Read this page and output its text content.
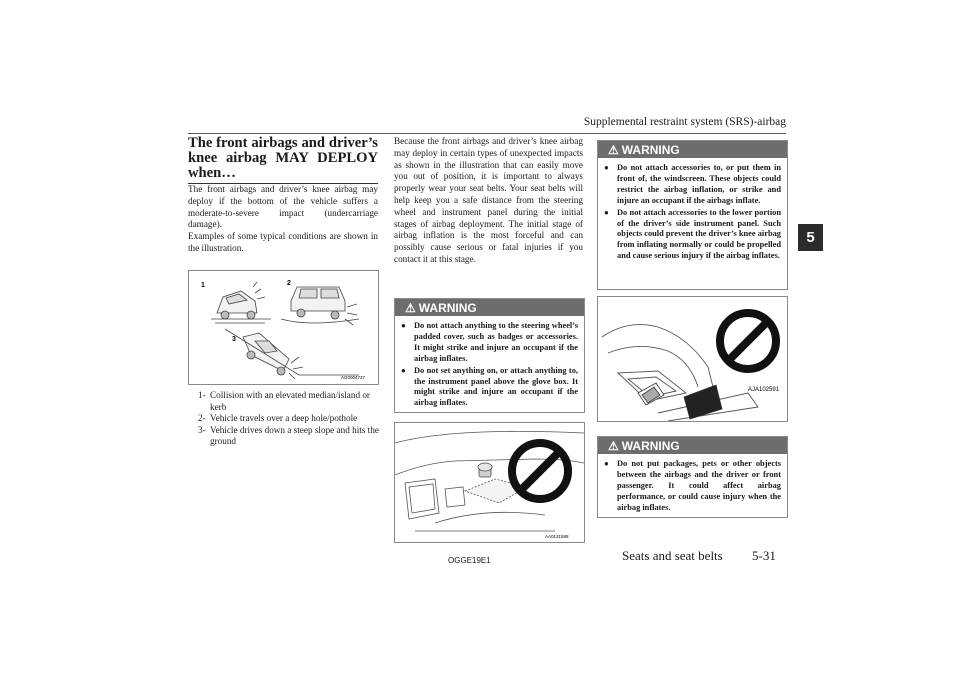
Supplemental restraint system (SRS)-airbag
5
The front airbags and driver’s
knee airbag MAY DEPLOY
when…

The front airbags and driver’s knee airbag may deploy if the bottom of the vehicle suffers a moderate-to-severe impact (undercarriage damage).

Examples of some typical conditions are shown in the illustration.

1	2
3
AG0004727
1- Collision with an elevated median/island or kerb
2- Vehicle travels over a deep hole/pothole
3- Vehicle drives down a steep slope and hits the ground

Because the front airbags and driver’s knee airbag may deploy in certain types of unexpected impacts as shown in the illustration that can easily move you out of position, it is important to always properly wear your seat belts. Your seat belts will help keep you a safe distance from the steering wheel and instrument panel during the initial stages of airbag deployment. The initial stage of airbag inflation is the most forceful and can possibly cause serious or fatal injuries if you contact it at this stage.

⚠ WARNING
● Do not attach anything to the steering wheel’s padded cover, such as badges or accessories. It might strike and injure an occupant if the airbag inflates.
● Do not set anything on, or attach anything to, the instrument panel above the glove box. It might strike and injure an occupant if the airbag inflates.
AA0131588
⚠ WARNING
● Do not attach accessories to, or put them in front of, the windscreen. These objects could restrict the airbag inflation, or strike and injure an occupant if the airbags inflate.
● Do not attach accessories to the lower portion of the driver’s side instrument panel. Such objects could prevent the driver’s knee airbag from inflating normally or could be propelled and cause serious injury if the airbag inflates.
AJA102591
⚠ WARNING
● Do not put packages, pets or other objects between the airbags and the driver or front passenger. It could affect airbag performance, or could cause injury when the airbag inflates.
OGGE19E1	Seats and seat belts 5-31
